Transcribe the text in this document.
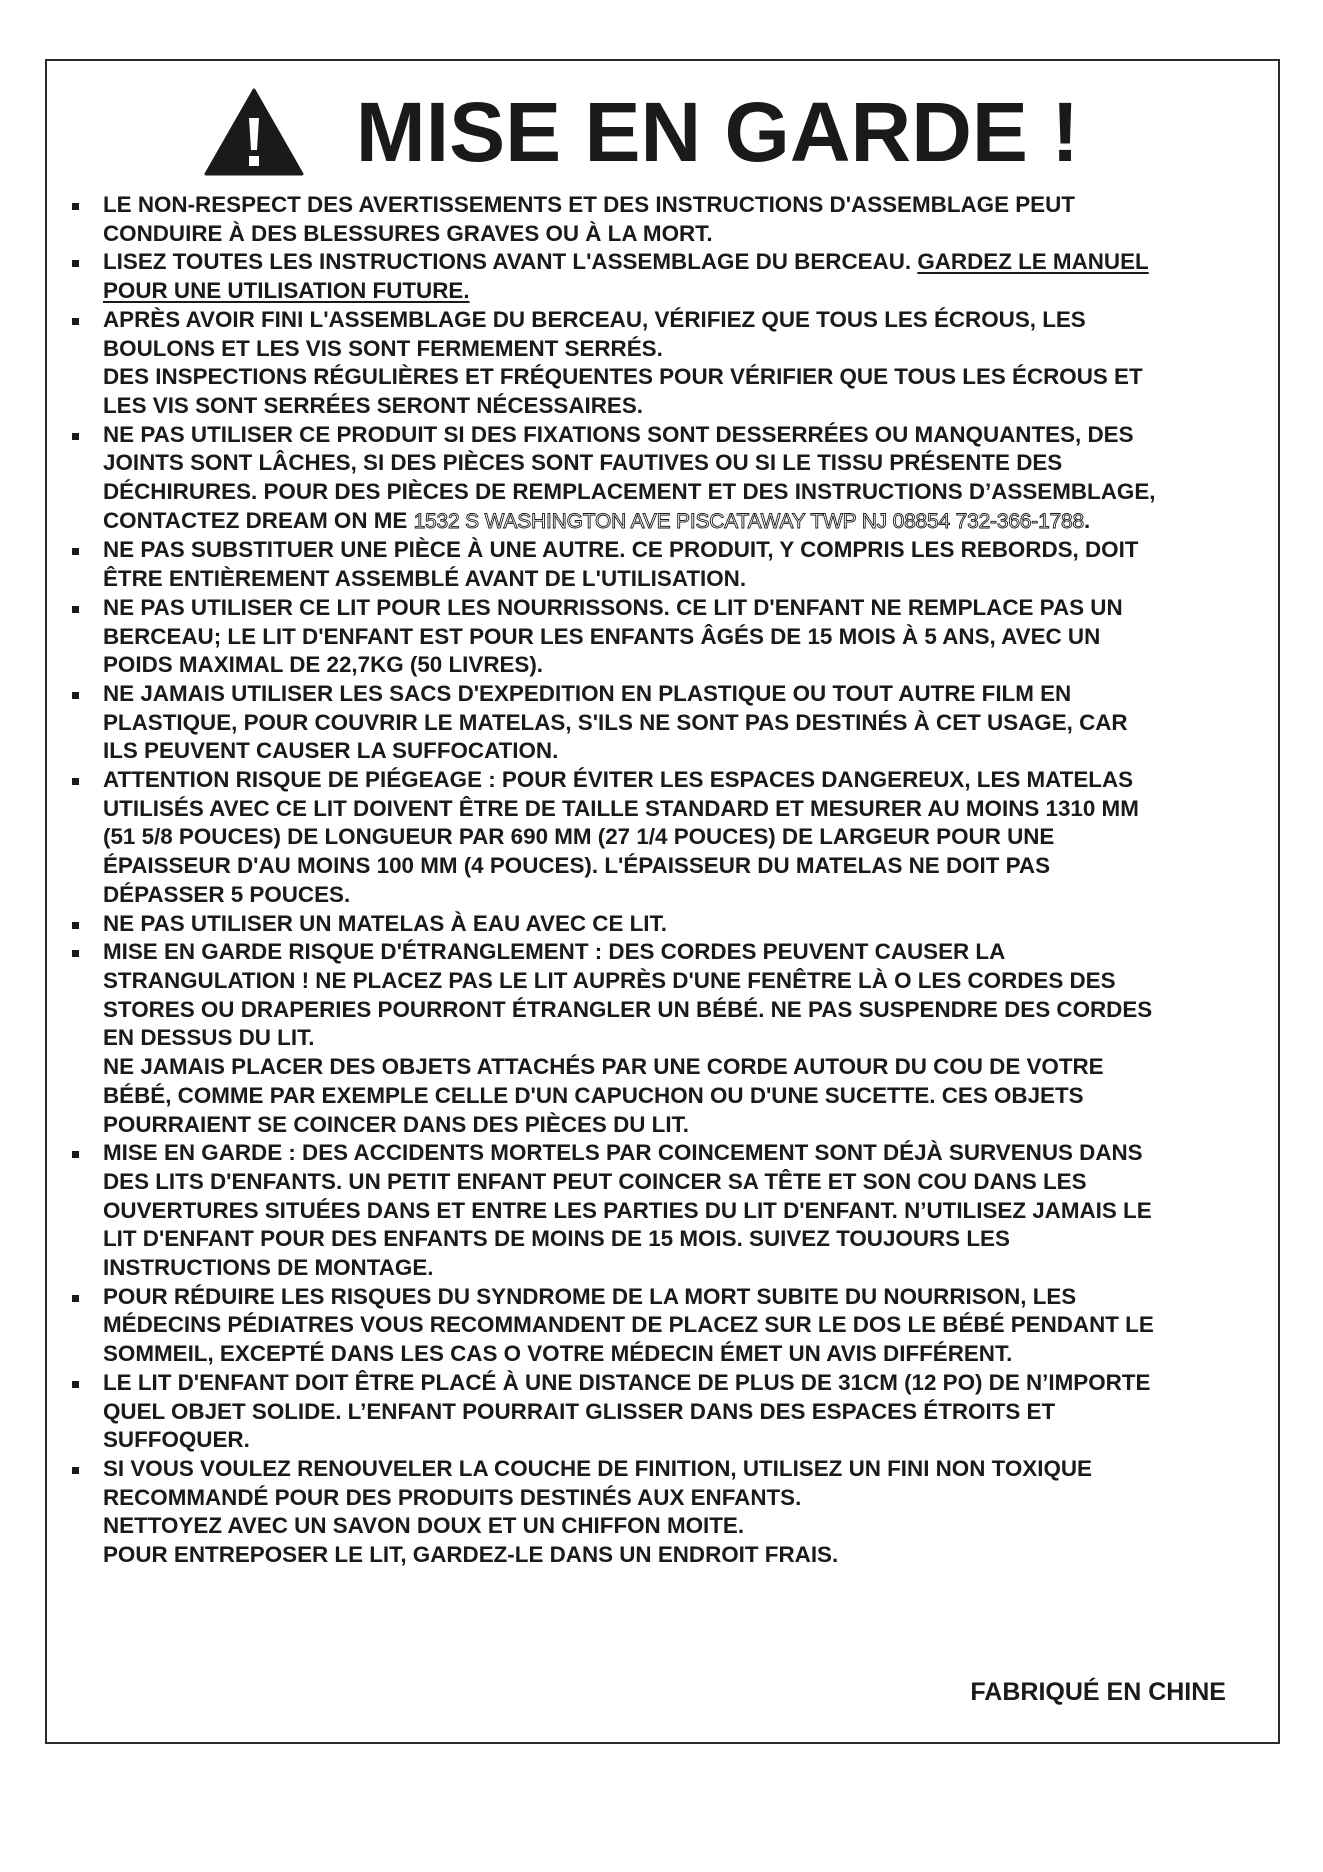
MISE EN GARDE !
LE NON-RESPECT DES AVERTISSEMENTS ET DES INSTRUCTIONS D'ASSEMBLAGE PEUT
CONDUIRE À DES BLESSURES GRAVES OU À LA MORT.
LISEZ TOUTES LES INSTRUCTIONS AVANT L'ASSEMBLAGE DU BERCEAU. GARDEZ LE MANUEL
POUR UNE UTILISATION FUTURE.
APRÈS AVOIR FINI L'ASSEMBLAGE DU BERCEAU, VÉRIFIEZ QUE TOUS LES ÉCROUS, LES
BOULONS ET LES VIS SONT FERMEMENT SERRÉS.
DES INSPECTIONS RÉGULIÈRES ET FRÉQUENTES POUR VÉRIFIER QUE TOUS LES ÉCROUS ET
LES VIS SONT SERRÉES SERONT NÉCESSAIRES.
NE PAS UTILISER CE PRODUIT SI DES FIXATIONS SONT DESSERRÉES OU MANQUANTES, DES
JOINTS SONT LÂCHES, SI DES PIÈCES SONT FAUTIVES OU SI LE TISSU PRÉSENTE DES
DÉCHIRURES. POUR DES PIÈCES DE REMPLACEMENT ET DES INSTRUCTIONS D’ASSEMBLAGE,
CONTACTEZ DREAM ON ME 1532 S WASHINGTON AVE PISCATAWAY TWP NJ 08854 732-366-1788.
NE PAS SUBSTITUER UNE PIÈCE À UNE AUTRE. CE PRODUIT, Y COMPRIS LES REBORDS, DOIT
ÊTRE ENTIÈREMENT ASSEMBLÉ AVANT DE L'UTILISATION.
NE PAS UTILISER CE LIT POUR LES NOURRISSONS. CE LIT D'ENFANT NE REMPLACE PAS UN
BERCEAU; LE LIT D'ENFANT EST POUR LES ENFANTS ÂGÉS DE 15 MOIS À 5 ANS, AVEC UN
POIDS MAXIMAL DE 22,7KG (50 LIVRES).
NE JAMAIS UTILISER LES SACS D'EXPEDITION EN PLASTIQUE OU TOUT AUTRE FILM EN
PLASTIQUE, POUR COUVRIR LE MATELAS, S'ILS NE SONT PAS DESTINÉS À CET USAGE, CAR
ILS PEUVENT CAUSER LA SUFFOCATION.
ATTENTION RISQUE DE PIÉGEAGE : POUR ÉVITER LES ESPACES DANGEREUX, LES MATELAS
UTILISÉS AVEC CE LIT DOIVENT ÊTRE DE TAILLE STANDARD ET MESURER AU MOINS 1310 MM
(51 5/8 POUCES) DE LONGUEUR PAR 690 MM (27 1/4 POUCES) DE LARGEUR POUR UNE
ÉPAISSEUR D'AU MOINS 100 MM (4 POUCES). L'ÉPAISSEUR DU MATELAS NE DOIT PAS
DÉPASSER 5 POUCES.
NE PAS UTILISER UN MATELAS À EAU AVEC CE LIT.
MISE EN GARDE RISQUE D'ÉTRANGLEMENT : DES CORDES PEUVENT CAUSER LA
STRANGULATION ! NE PLACEZ PAS LE LIT AUPRÈS D'UNE FENÊTRE LÀ O LES CORDES DES
STORES OU DRAPERIES POURRONT ÉTRANGLER UN BÉBÉ. NE PAS SUSPENDRE DES CORDES
EN DESSUS DU LIT.
NE JAMAIS PLACER DES OBJETS ATTACHÉS PAR UNE CORDE AUTOUR DU COU DE VOTRE
BÉBÉ, COMME PAR EXEMPLE CELLE D'UN CAPUCHON OU D'UNE SUCETTE. CES OBJETS
POURRAIENT SE COINCER DANS DES PIÈCES DU LIT.
MISE EN GARDE : DES ACCIDENTS MORTELS PAR COINCEMENT SONT DÉJÀ SURVENUS DANS
DES LITS D'ENFANTS. UN PETIT ENFANT PEUT COINCER SA TÊTE ET SON COU DANS LES
OUVERTURES SITUÉES DANS ET ENTRE LES PARTIES DU LIT D'ENFANT. N’UTILISEZ JAMAIS LE
LIT D'ENFANT POUR DES ENFANTS DE MOINS DE 15 MOIS. SUIVEZ TOUJOURS LES
INSTRUCTIONS DE MONTAGE.
POUR RÉDUIRE LES RISQUES DU SYNDROME DE LA MORT SUBITE DU NOURRISON, LES
MÉDECINS PÉDIATRES VOUS RECOMMANDENT DE PLACEZ SUR LE DOS LE BÉBÉ PENDANT LE
SOMMEIL, EXCEPTÉ DANS LES CAS O VOTRE MÉDECIN ÉMET UN AVIS DIFFÉRENT.
LE LIT D'ENFANT DOIT ÊTRE PLACÉ À UNE DISTANCE DE PLUS DE 31CM (12 PO) DE N’IMPORTE
QUEL OBJET SOLIDE. L’ENFANT POURRAIT GLISSER DANS DES ESPACES ÉTROITS ET
SUFFOQUER.
SI VOUS VOULEZ RENOUVELER LA COUCHE DE FINITION, UTILISEZ UN FINI NON TOXIQUE
RECOMMANDÉ POUR DES PRODUITS DESTINÉS AUX ENFANTS.
NETTOYEZ AVEC UN SAVON DOUX ET UN CHIFFON MOITE.
POUR ENTREPOSER LE LIT, GARDEZ-LE DANS UN ENDROIT FRAIS.
FABRIQUÉ EN CHINE
